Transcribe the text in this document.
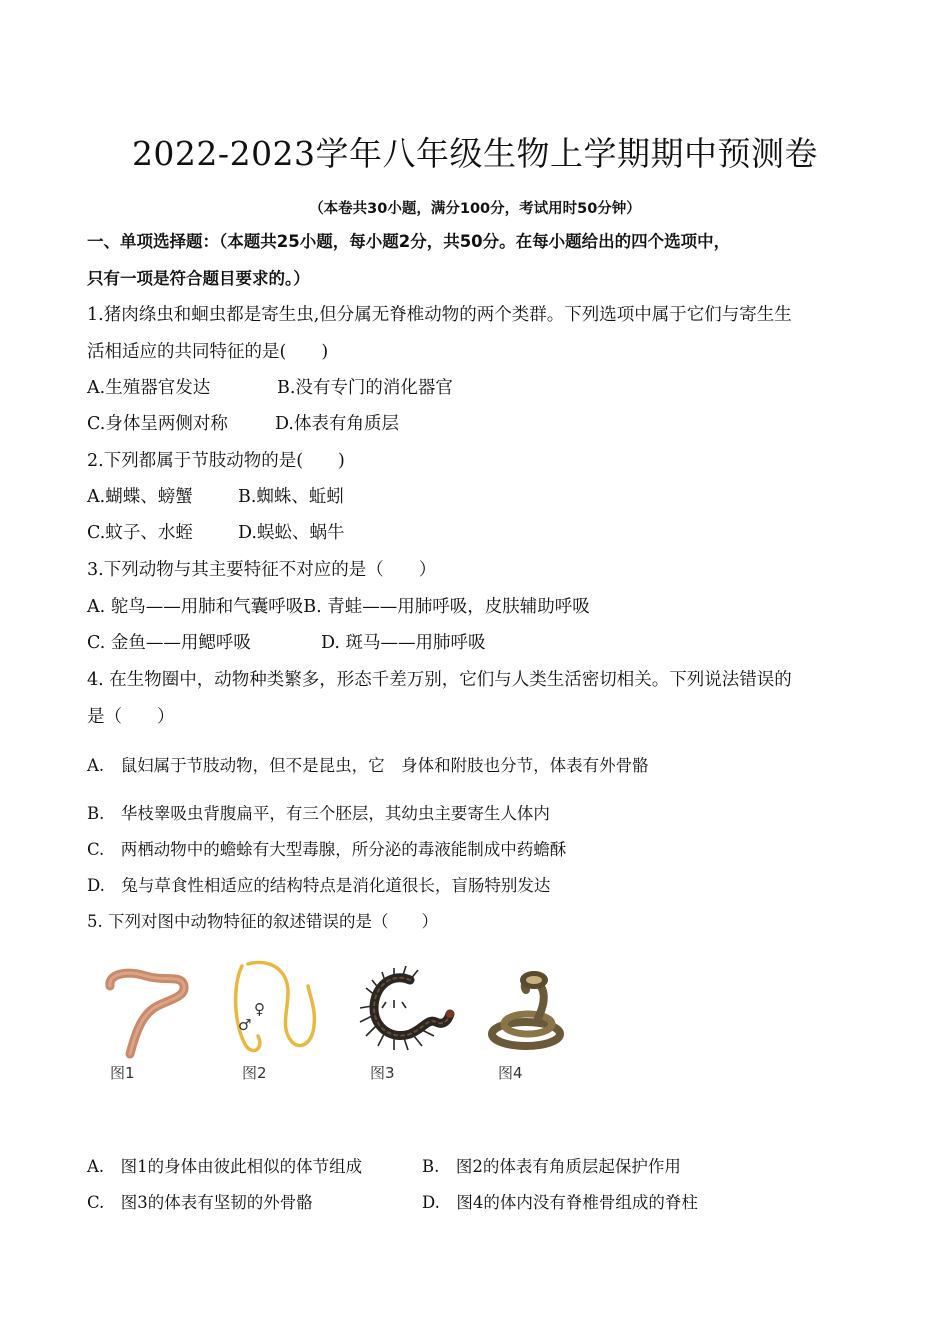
2022-2023学年八年级生物上学期期中预测卷
（本卷共30小题，满分100分，考试用时50分钟）
一、单项选择题：（本题共25小题，每小题2分，共50分。在每小题给出的四个选项中，
只有一项是符合题目要求的。）
1.猪肉绦虫和蛔虫都是寄生虫,但分属无脊椎动物的两个类群。下列选项中属于它们与寄生生
活相适应的共同特征的是(　　)
A.生殖器官发达	B.没有专门的消化器官
C.身体呈两侧对称	D.体表有角质层
2.下列都属于节肢动物的是(　　)
A.蝴蝶、螃蟹	B.蜘蛛、蚯蚓
C.蚊子、水蛭	D.蜈蚣、蜗牛
3.下列动物与其主要特征不对应的是（　　）
A. 鸵鸟——用肺和气囊呼吸B. 青蛙——用肺呼吸，皮肤辅助呼吸
C. 金鱼——用鳃呼吸	D. 斑马——用肺呼吸
4. 在生物圈中，动物种类繁多，形态千差万别，它们与人类生活密切相关。下列说法错误的
是（　　）
A.　鼠妇属于节肢动物，但不是昆虫，它　身体和附肢也分节，体表有外骨骼
B.　华枝睾吸虫背腹扁平，有三个胚层，其幼虫主要寄生人体内
C.　两栖动物中的蟾蜍有大型毒腺，所分泌的毒液能制成中药蟾酥
D.　兔与草食性相适应的结构特点是消化道很长，盲肠特别发达
5. 下列对图中动物特征的叙述错误的是（　　）
图1
♂
♀
图2	图3	图4
A.　图1的身体由彼此相似的体节组成	B.　图2的体表有角质层起保护作用
C.　图3的体表有坚韧的外骨骼	D.　图4的体内没有脊椎骨组成的脊柱
